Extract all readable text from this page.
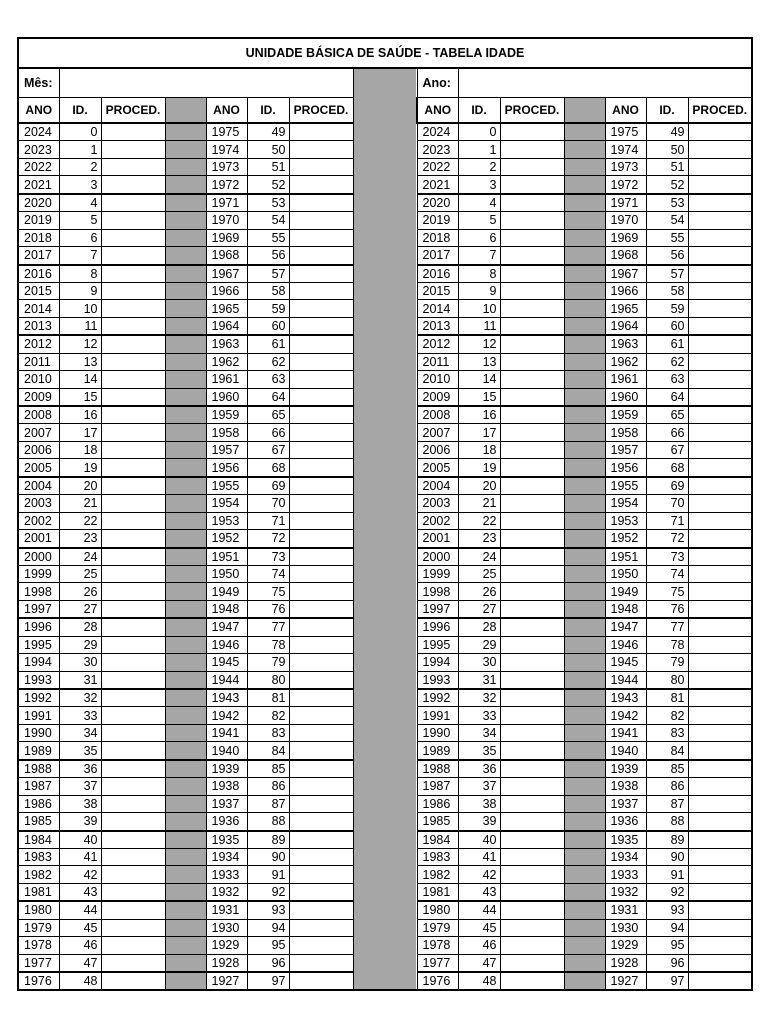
UNIDADE BÁSICA DE SAÚDE - TABELA IDADE														
Mês:								Ano:						
ANO	ID.	PROCED.		ANO	ID.	PROCED.		ANO	ID.	PROCED.		ANO	ID.	PROCED.
2024	0			1975	49			2024	0			1975	49	
2023	1			1974	50			2023	1			1974	50	
2022	2			1973	51			2022	2			1973	51	
2021	3			1972	52			2021	3			1972	52	
2020	4			1971	53			2020	4			1971	53	
2019	5			1970	54			2019	5			1970	54	
2018	6			1969	55			2018	6			1969	55	
2017	7			1968	56			2017	7			1968	56	
2016	8			1967	57			2016	8			1967	57	
2015	9			1966	58			2015	9			1966	58	
2014	10			1965	59			2014	10			1965	59	
2013	11			1964	60			2013	11			1964	60	
2012	12			1963	61			2012	12			1963	61	
2011	13			1962	62			2011	13			1962	62	
2010	14			1961	63			2010	14			1961	63	
2009	15			1960	64			2009	15			1960	64	
2008	16			1959	65			2008	16			1959	65	
2007	17			1958	66			2007	17			1958	66	
2006	18			1957	67			2006	18			1957	67	
2005	19			1956	68			2005	19			1956	68	
2004	20			1955	69			2004	20			1955	69	
2003	21			1954	70			2003	21			1954	70	
2002	22			1953	71			2002	22			1953	71	
2001	23			1952	72			2001	23			1952	72	
2000	24			1951	73			2000	24			1951	73	
1999	25			1950	74			1999	25			1950	74	
1998	26			1949	75			1998	26			1949	75	
1997	27			1948	76			1997	27			1948	76	
1996	28			1947	77			1996	28			1947	77	
1995	29			1946	78			1995	29			1946	78	
1994	30			1945	79			1994	30			1945	79	
1993	31			1944	80			1993	31			1944	80	
1992	32			1943	81			1992	32			1943	81	
1991	33			1942	82			1991	33			1942	82	
1990	34			1941	83			1990	34			1941	83	
1989	35			1940	84			1989	35			1940	84	
1988	36			1939	85			1988	36			1939	85	
1987	37			1938	86			1987	37			1938	86	
1986	38			1937	87			1986	38			1937	87	
1985	39			1936	88			1985	39			1936	88	
1984	40			1935	89			1984	40			1935	89	
1983	41			1934	90			1983	41			1934	90	
1982	42			1933	91			1982	42			1933	91	
1981	43			1932	92			1981	43			1932	92	
1980	44			1931	93			1980	44			1931	93	
1979	45			1930	94			1979	45			1930	94	
1978	46			1929	95			1978	46			1929	95	
1977	47			1928	96			1977	47			1928	96	
1976	48			1927	97			1976	48			1927	97	
